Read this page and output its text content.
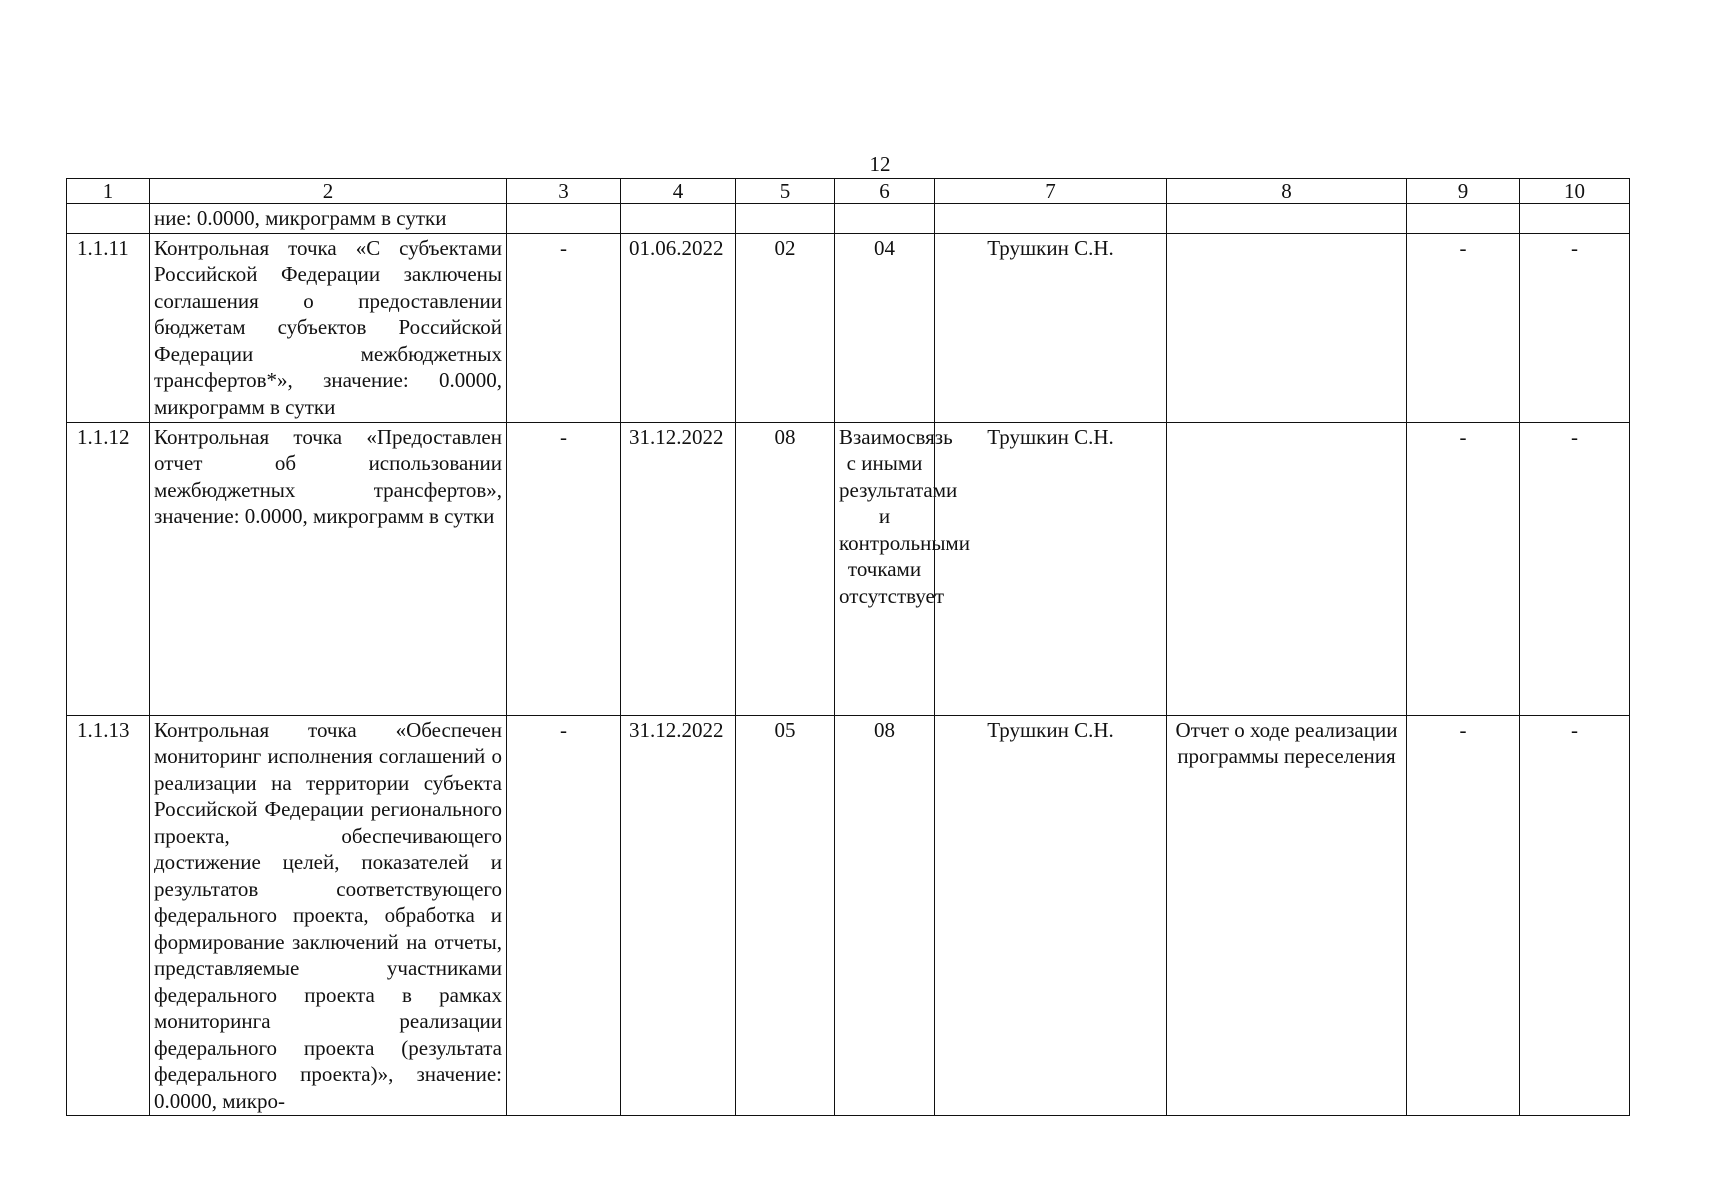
12
1	2	3	4	5	6	7	8	9	10
	ние: 0.0000, микрограмм в сутки								
1.1.11	Контрольная точка «С субъектами Российской Федерации заключены соглашения о предоставлении бюджетам субъектов Российской Федерации межбюджетных трансфертов*», значение: 0.0000, микрограмм в сутки	-	01.06.2022	02	04	Трушкин С.Н.		-	-
1.1.12	Контрольная точка «Предоставлен отчет об использовании межбюджетных трансфертов», значение: 0.0000, микрограмм в сутки	-	31.12.2022	08	Взаимосвязь с иными результатами и контрольными точками отсутствует	Трушкин С.Н.		-	-
1.1.13	Контрольная точка «Обеспечен мониторинг исполнения соглашений о реализации на территории субъекта Российской Федерации регионального проекта, обеспечивающего достижение целей, показателей и результатов соответствующего федерального проекта, обработка и формирование заключений на отчеты, представляемые участниками федерального проекта в рамках мониторинга реализации федерального проекта (результата федерального проекта)», значение: 0.0000, микро-	-	31.12.2022	05	08	Трушкин С.Н.	Отчет о ходе реализации программы переселения	-	-
